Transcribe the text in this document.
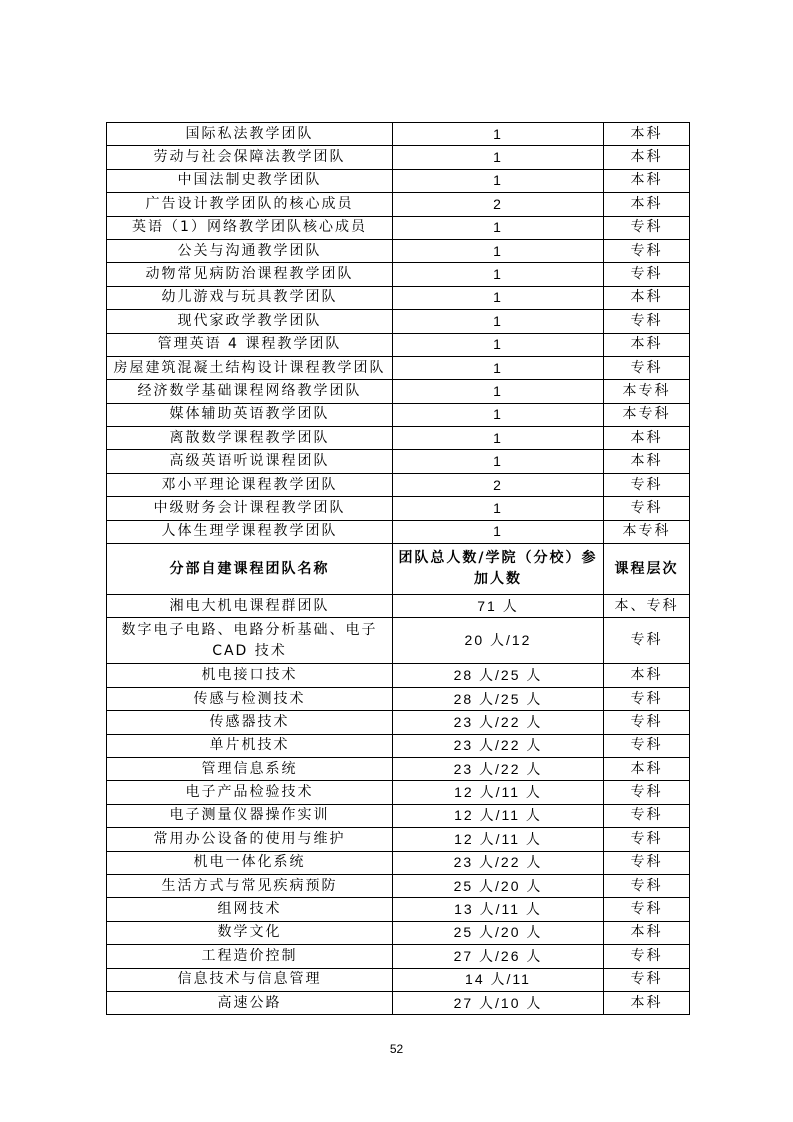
国际私法教学团队	1	本科
劳动与社会保障法教学团队	1	本科
中国法制史教学团队	1	本科
广告设计教学团队的核心成员	2	本科
英语（1）网络教学团队核心成员	1	专科
公关与沟通教学团队	1	专科
动物常见病防治课程教学团队	1	专科
幼儿游戏与玩具教学团队	1	本科
现代家政学教学团队	1	专科
管理英语 4 课程教学团队	1	本科
房屋建筑混凝土结构设计课程教学团队	1	专科
经济数学基础课程网络教学团队	1	本专科
媒体辅助英语教学团队	1	本专科
离散数学课程教学团队	1	本科
高级英语听说课程团队	1	本科
邓小平理论课程教学团队	2	专科
中级财务会计课程教学团队	1	专科
人体生理学课程教学团队	1	本专科
分部自建课程团队名称	团队总人数/学院（分校）参加人数	课程层次
湘电大机电课程群团队	71 人	本、专科
数字电子电路、电路分析基础、电子 CAD 技术	20 人/12	专科
机电接口技术	28 人/25 人	本科
传感与检测技术	28 人/25 人	专科
传感器技术	23 人/22 人	专科
单片机技术	23 人/22 人	专科
管理信息系统	23 人/22 人	本科
电子产品检验技术	12 人/11 人	专科
电子测量仪器操作实训	12 人/11 人	专科
常用办公设备的使用与维护	12 人/11 人	专科
机电一体化系统	23 人/22 人	专科
生活方式与常见疾病预防	25 人/20 人	专科
组网技术	13 人/11 人	专科
数学文化	25 人/20 人	本科
工程造价控制	27 人/26 人	专科
信息技术与信息管理	14 人/11	专科
高速公路	27 人/10 人	本科
52
